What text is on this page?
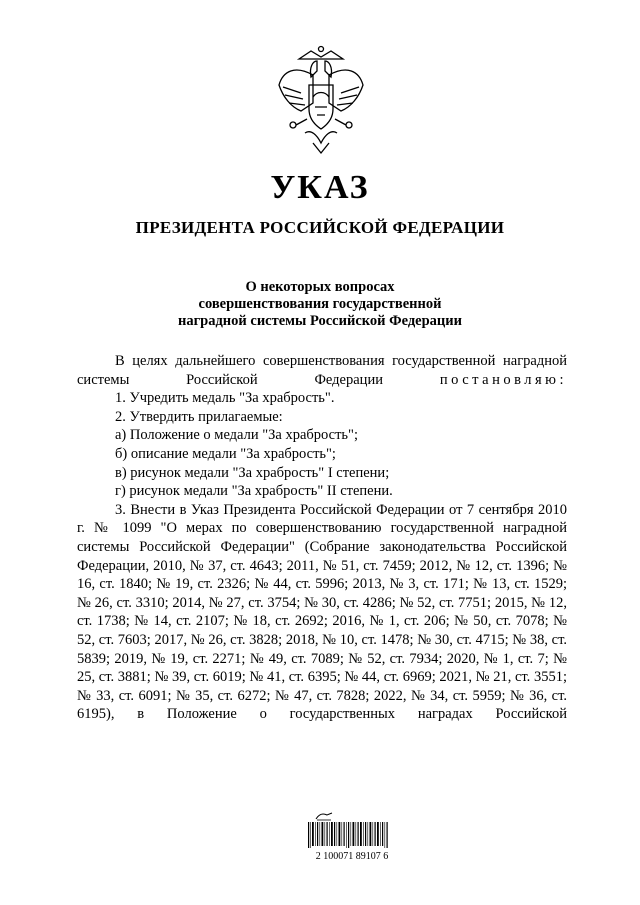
УКАЗ
ПРЕЗИДЕНТА РОССИЙСКОЙ ФЕДЕРАЦИИ
О некоторых вопросах
совершенствования государственной
наградной системы Российской Федерации

В целях дальнейшего совершенствования государственной наградной системы Российской Федерации	постановляю:

1. Учредить медаль "За храбрость".

2. Утвердить прилагаемые:

а) Положение о медали "За храбрость";

б) описание медали "За храбрость";

в) рисунок медали "За храбрость" I степени;

г) рисунок медали "За храбрость" II степени.

3. Внести в Указ Президента Российской Федерации от 7 сентября 2010 г. № 1099 "О мерах по совершенствованию государственной наградной системы Российской Федерации" (Собрание законодательства Российской Федерации, 2010, № 37, ст. 4643; 2011, № 51, ст. 7459; 2012, № 12, ст. 1396; № 16, ст. 1840; № 19, ст. 2326; № 44, ст. 5996; 2013, № 3, ст. 171; № 13, ст. 1529; № 26, ст. 3310; 2014, № 27, ст. 3754; № 30, ст. 4286; № 52, ст. 7751; 2015, № 12, ст. 1738; № 14, ст. 2107; № 18, ст. 2692; 2016, № 1, ст. 206; № 50, ст. 7078; № 52, ст. 7603; 2017, № 26, ст. 3828; 2018, № 10, ст. 1478; № 30, ст. 4715; № 38, ст. 5839; 2019, № 19, ст. 2271; № 49, ст. 7089; № 52, ст. 7934; 2020, № 1, ст. 7; № 25, ст. 3881; № 39, ст. 6019; № 41, ст. 6395; № 44, ст. 6969; 2021, № 21, ст. 3551; № 33, ст. 6091; № 35, ст. 6272; № 47, ст. 7828; 2022, № 34, ст. 5959; № 36, ст. 6195), в Положение о государственных наградах Российской

2 100071 89107 6
